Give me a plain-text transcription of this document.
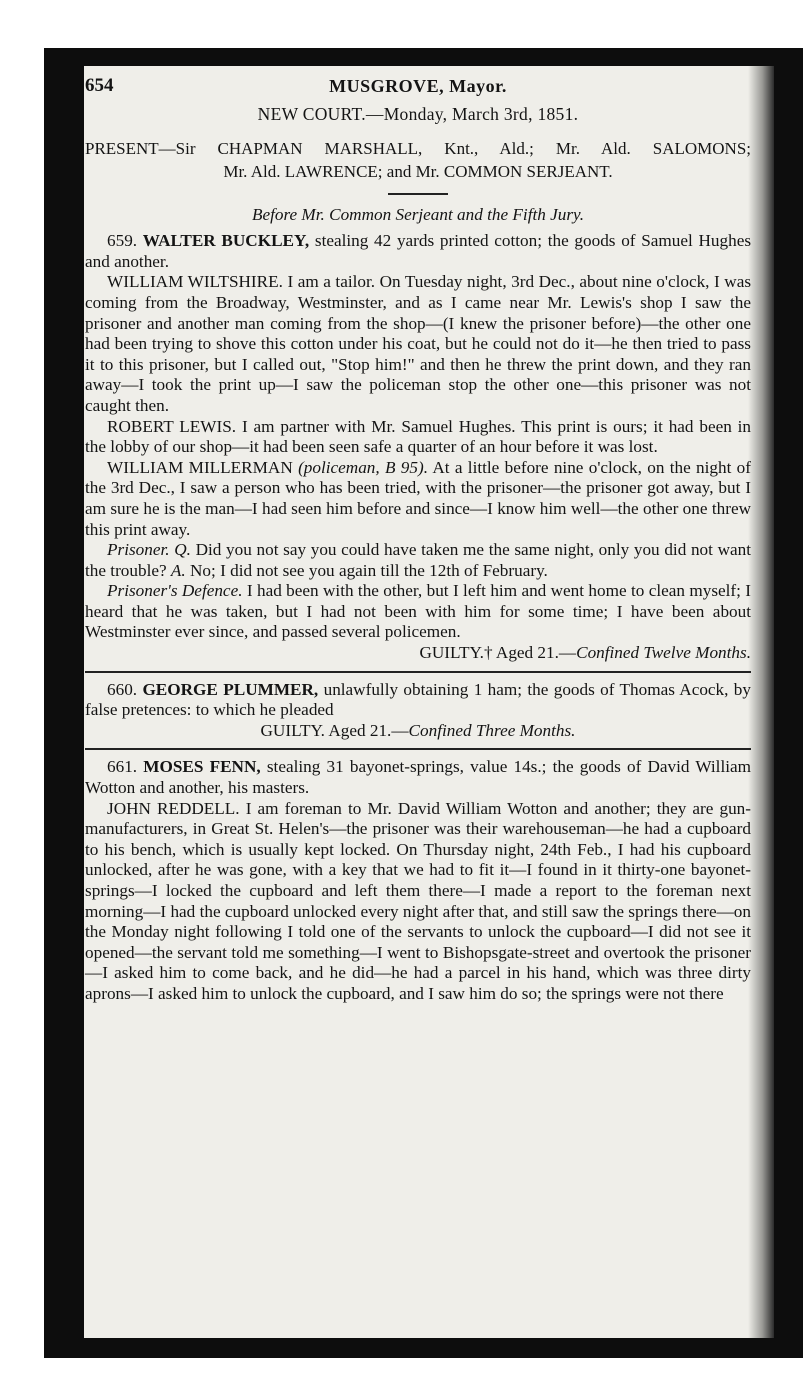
654	MUSGROVE, Mayor.
NEW COURT.—Monday, March 3rd, 1851.
PRESENT—Sir CHAPMAN MARSHALL, Knt., Ald.; Mr. Ald. SALOMONS;
Mr. Ald. LAWRENCE; and Mr. COMMON SERJEANT.
Before Mr. Common Serjeant and the Fifth Jury.

659. WALTER BUCKLEY, stealing 42 yards printed cotton; the goods of Samuel Hughes and another.

WILLIAM WILTSHIRE. I am a tailor. On Tuesday night, 3rd Dec., about nine o'clock, I was coming from the Broadway, Westminster, and as I came near Mr. Lewis's shop I saw the prisoner and another man coming from the shop—(I knew the prisoner before)—the other one had been trying to shove this cotton under his coat, but he could not do it—he then tried to pass it to this prisoner, but I called out, "Stop him!" and then he threw the print down, and they ran away—I took the print up—I saw the policeman stop the other one—this prisoner was not caught then.

ROBERT LEWIS. I am partner with Mr. Samuel Hughes. This print is ours; it had been in the lobby of our shop—it had been seen safe a quarter of an hour before it was lost.

WILLIAM MILLERMAN (policeman, B 95). At a little before nine o'clock, on the night of the 3rd Dec., I saw a person who has been tried, with the prisoner—the prisoner got away, but I am sure he is the man—I had seen him before and since—I know him well—the other one threw this print away.

Prisoner. Q. Did you not say you could have taken me the same night, only you did not want the trouble? A. No; I did not see you again till the 12th of February.

Prisoner's Defence. I had been with the other, but I left him and went home to clean myself; I heard that he was taken, but I had not been with him for some time; I have been about Westminster ever since, and passed several policemen.

GUILTY.† Aged 21.—Confined Twelve Months.

660. GEORGE PLUMMER, unlawfully obtaining 1 ham; the goods of Thomas Acock, by false pretences: to which he pleaded

GUILTY. Aged 21.—Confined Three Months.

661. MOSES FENN, stealing 31 bayonet-springs, value 14s.; the goods of David William Wotton and another, his masters.

JOHN REDDELL. I am foreman to Mr. David William Wotton and another; they are gun-manufacturers, in Great St. Helen's—the prisoner was their warehouseman—he had a cupboard to his bench, which is usually kept locked. On Thursday night, 24th Feb., I had his cupboard unlocked, after he was gone, with a key that we had to fit it—I found in it thirty-one bayonet-springs—I locked the cupboard and left them there—I made a report to the foreman next morning—I had the cupboard unlocked every night after that, and still saw the springs there—on the Monday night following I told one of the servants to unlock the cupboard—I did not see it opened—the servant told me something—I went to Bishopsgate-street and overtook the prisoner—I asked him to come back, and he did—he had a parcel in his hand, which was three dirty aprons—I asked him to unlock the cupboard, and I saw him do so; the springs were not there
